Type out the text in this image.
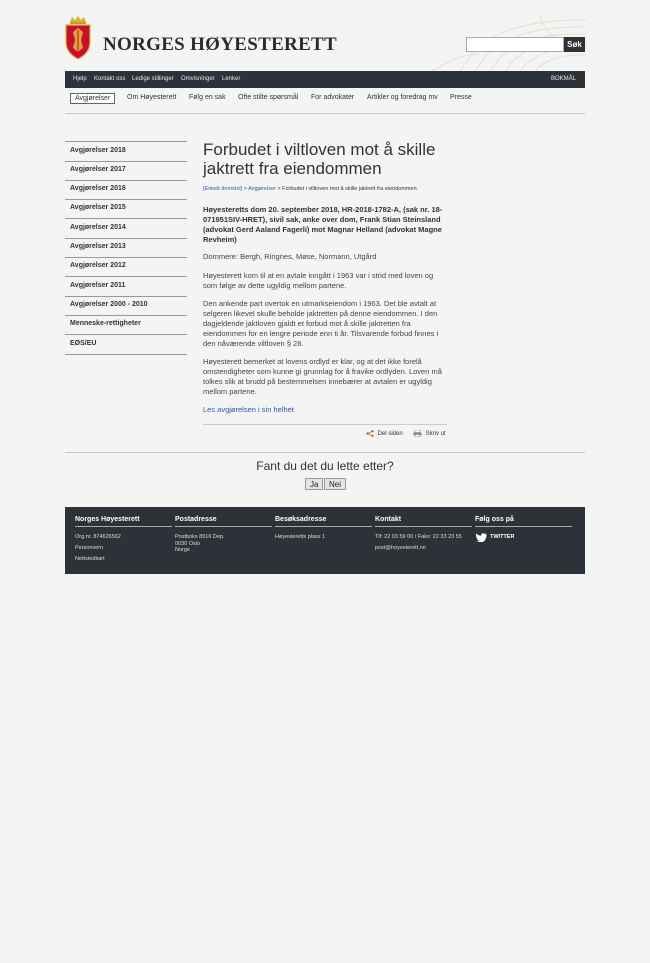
NORGES HØYESTERETT	Søk
Hjelp Kontakt oss Ledige stillinger Omvisninger Lenker	BOKMÅL
Avgjørelser	Om Høyesterett Følg en sak Ofte stilte spørsmål For advokater Artikler og foredrag mv Presse
Avgjørelser 2018
Avgjørelser 2017
Avgjørelser 2016
Avgjørelser 2015
Avgjørelser 2014
Avgjørelser 2013
Avgjørelser 2012
Avgjørelser 2011
Avgjørelser 2000 - 2010
Menneske-rettigheter
EØS/EU
Forbudet i viltloven mot å skille jaktrett fra eiendommen
[Enkelt domstol] > Avgjørelser > Forbudet i viltloven mot å skille jaktrett fra eiendommen

Høyesteretts dom 20. september 2018, HR-2018-1782-A, (sak nr. 18-071951SIV-HRET), sivil sak, anke over dom, Frank Stian Steinsland (advokat Gerd Aaland Fagerli) mot Magnar Helland (advokat Magne Revheim)

Dommere: Bergh, Ringnes, Møse, Normann, Utgård

Høyesterett kom til at en avtale inngått i 1963 var i strid med loven og som følge av dette ugyldig mellom partene.

Den ankende part overtok en utmarkseiendom i 1963. Det ble avtalt at selgeren likevel skulle beholde jaktretten på denne eiendommen. I den dagjeldende jaktloven gjaldt et forbud mot å skille jaktretten fra eiendommen for en lengre periode enn ti år. Tilsvarende forbud finnes i den nåværende viltloven § 28.

Høyesterett bemerket at lovens ordlyd er klar, og at det ikke forelå omstendigheter som kunne gi grunnlag for å fravike ordlyden. Loven må tolkes slik at brudd på bestemmelsen innebærer at avtalen er ugyldig mellom partene.

Les avgjørelsen i sin helhet
Del siden	Skriv ut
Fant du det du lette etter?
Ja	Nei
Norges Høyesterett
Org.nr. 874626562
Personvern
Nettstedkart
Postadresse
Postboks 8016 Dep.
0030 Oslo
Norge
Besøksadresse
Høyesteretts plass 1
Kontakt
Tlf: 22 03 59 00 / Faks: 22 33 23 55
post@hoyesterett.no
Følg oss på
TWITTER
